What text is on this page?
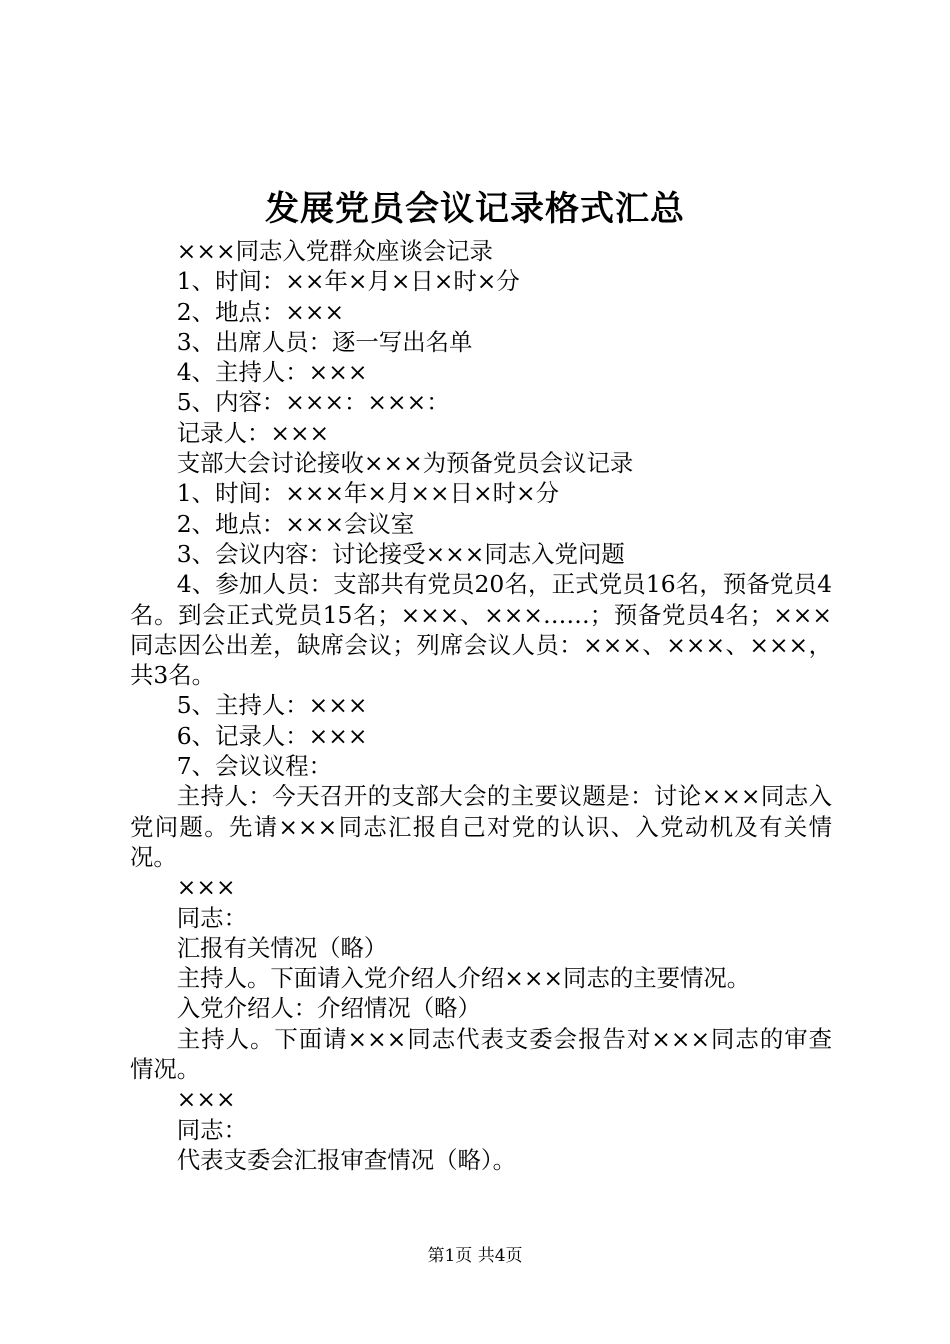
发展党员会议记录格式汇总

×××同志入党群众座谈会记录

1、时间：××年×月×日×时×分

2、地点：×××

3、出席人员：逐一写出名单

4、主持人：×××

5、内容：×××：×××：

记录人：×××

支部大会讨论接收×××为预备党员会议记录

1、时间：×××年×月××日×时×分

2、地点：×××会议室

3、会议内容：讨论接受×××同志入党问题

4、参加人员：支部共有党员20名，正式党员16名，预备党员4名。到会正式党员15名；×××、×××……；预备党员4名；×××同志因公出差，缺席会议；列席会议人员：×××、×××、×××，共3名。

5、主持人：×××

6、记录人：×××

7、会议议程：

主持人：今天召开的支部大会的主要议题是：讨论×××同志入党问题。先请×××同志汇报自己对党的认识、入党动机及有关情况。

×××

同志：

汇报有关情况（略）

主持人。下面请入党介绍人介绍×××同志的主要情况。

入党介绍人：介绍情况（略）

主持人。下面请×××同志代表支委会报告对×××同志的审查情况。

×××

同志：

代表支委会汇报审查情况（略）。

第1页 共4页
